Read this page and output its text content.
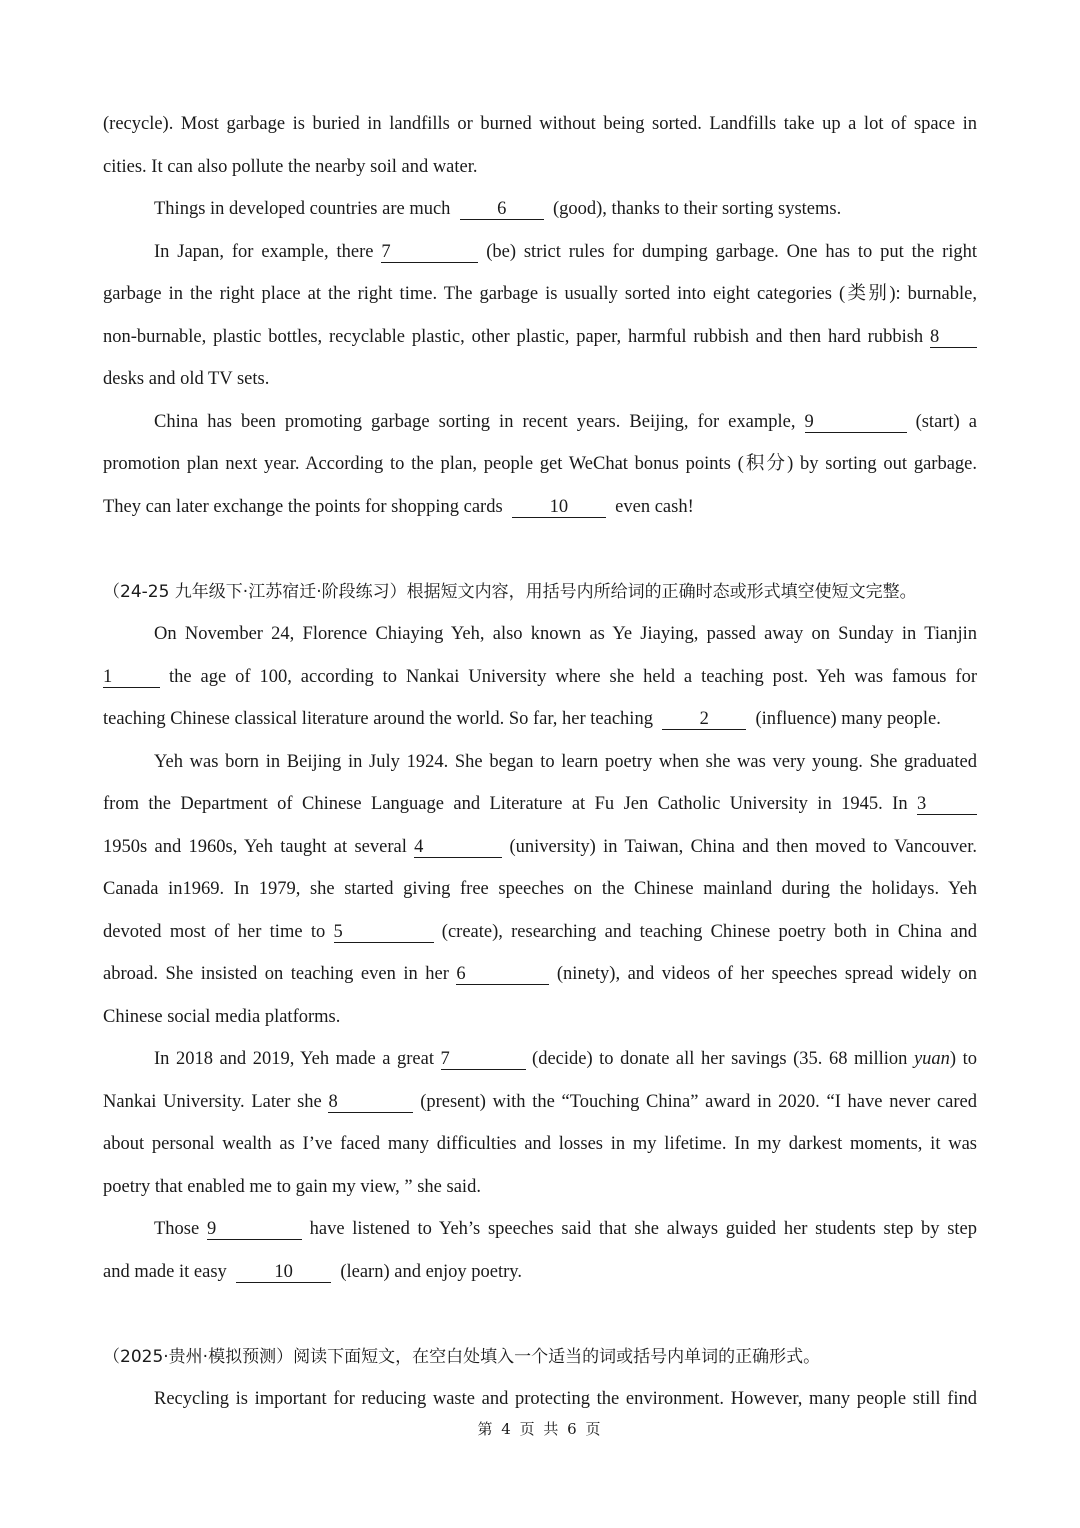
(recycle). Most garbage is buried in landfills or burned without being sorted. Landfills take up a lot of space in
cities. It can also pollute the nearby soil and water.
Things in developed countries are much	6	(good), thanks to their sorting systems.
In Japan, for example, there 7	(be) strict rules for dumping garbage. One has to put the right
garbage in the right place at the right time. The garbage is usually sorted into eight categories (类别): burnable,
non-burnable, plastic bottles, recyclable plastic, other plastic, paper, harmful rubbish and then hard rubbish 8
desks and old TV sets.
China has been promoting garbage sorting in recent years. Beijing, for example, 9	(start) a
promotion plan next year. According to the plan, people get WeChat bonus points (积分) by sorting out garbage.
They can later exchange the points for shopping cards	10	even cash!
（24-25 九年级下·江苏宿迁·阶段练习）根据短文内容，用括号内所给词的正确时态或形式填空使短文完整。
On November 24, Florence Chiaying Yeh, also known as Ye Jiaying, passed away on Sunday in Tianjin
1	the age of 100, according to Nankai University where she held a teaching post. Yeh was famous for
teaching Chinese classical literature around the world. So far, her teaching	2	(influence) many people.
Yeh was born in Beijing in July 1924. She began to learn poetry when she was very young. She graduated
from the Department of Chinese Language and Literature at Fu Jen Catholic University in 1945. In 3
1950s and 1960s, Yeh taught at several 4	(university) in Taiwan, China and then moved to Vancouver.
Canada in1969. In 1979, she started giving free speeches on the Chinese mainland during the holidays. Yeh
devoted most of her time to 5	(create), researching and teaching Chinese poetry both in China and
abroad. She insisted on teaching even in her 6	(ninety), and videos of her speeches spread widely on
Chinese social media platforms.
In 2018 and 2019, Yeh made a great 7	(decide) to donate all her savings (35. 68 million yuan) to
Nankai University. Later she 8	(present) with the “Touching China” award in 2020. “I have never cared
about personal wealth as I’ve faced many difficulties and losses in my lifetime. In my darkest moments, it was
poetry that enabled me to gain my view, ” she said.
Those 9	have listened to Yeh’s speeches said that she always guided her students step by step
and made it easy	10	(learn) and enjoy poetry.
（2025·贵州·模拟预测）阅读下面短文，在空白处填入一个适当的词或括号内单词的正确形式。
Recycling is important for reducing waste and protecting the environment. However, many people still find
第 4 页 共 6 页
